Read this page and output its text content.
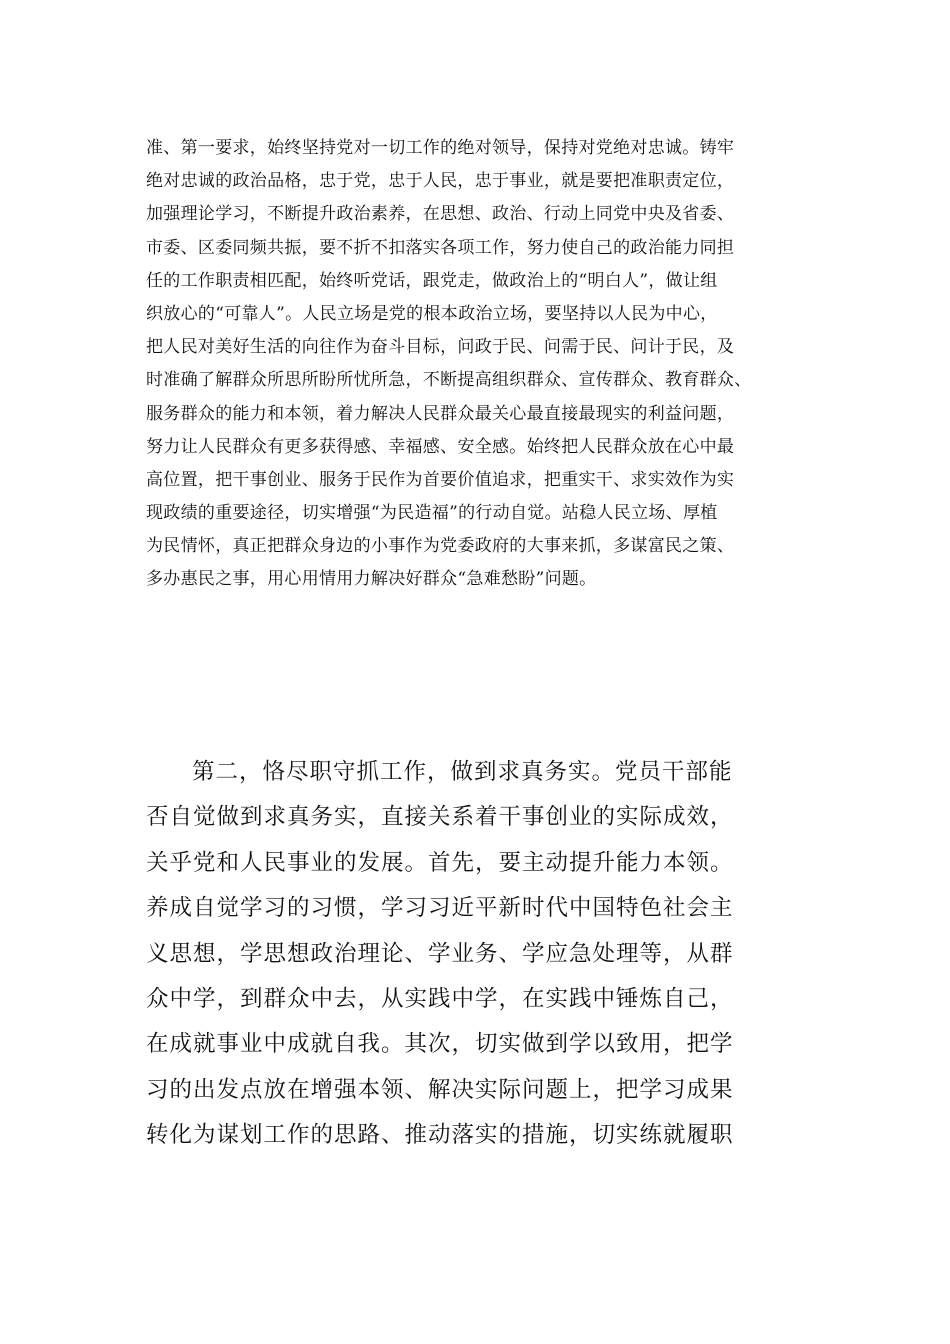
准、第一要求，始终坚持党对一切工作的绝对领导，保持对党绝对忠诚。铸牢
绝对忠诚的政治品格，忠于党，忠于人民，忠于事业，就是要把准职责定位，
加强理论学习，不断提升政治素养，在思想、政治、行动上同党中央及省委、
市委、区委同频共振，要不折不扣落实各项工作，努力使自己的政治能力同担
任的工作职责相匹配，始终听党话，跟党走，做政治上的“明白人”，做让组
织放心的“可靠人”。人民立场是党的根本政治立场，要坚持以人民为中心，
把人民对美好生活的向往作为奋斗目标，问政于民、问需于民、问计于民，及
时准确了解群众所思所盼所忧所急，不断提高组织群众、宣传群众、教育群众、
服务群众的能力和本领，着力解决人民群众最关心最直接最现实的利益问题，
努力让人民群众有更多获得感、幸福感、安全感。始终把人民群众放在心中最
高位置，把干事创业、服务于民作为首要价值追求，把重实干、求实效作为实
现政绩的重要途径，切实增强“为民造福”的行动自觉。站稳人民立场、厚植
为民情怀，真正把群众身边的小事作为党委政府的大事来抓，多谋富民之策、
多办惠民之事，用心用情用力解决好群众“急难愁盼”问题。
第二，恪尽职守抓工作，做到求真务实。党员干部能
否自觉做到求真务实，直接关系着干事创业的实际成效，
关乎党和人民事业的发展。首先，要主动提升能力本领。
养成自觉学习的习惯，学习习近平新时代中国特色社会主
义思想，学思想政治理论、学业务、学应急处理等，从群
众中学，到群众中去，从实践中学，在实践中锤炼自己，
在成就事业中成就自我。其次，切实做到学以致用，把学
习的出发点放在增强本领、解决实际问题上，把学习成果
转化为谋划工作的思路、推动落实的措施，切实练就履职
